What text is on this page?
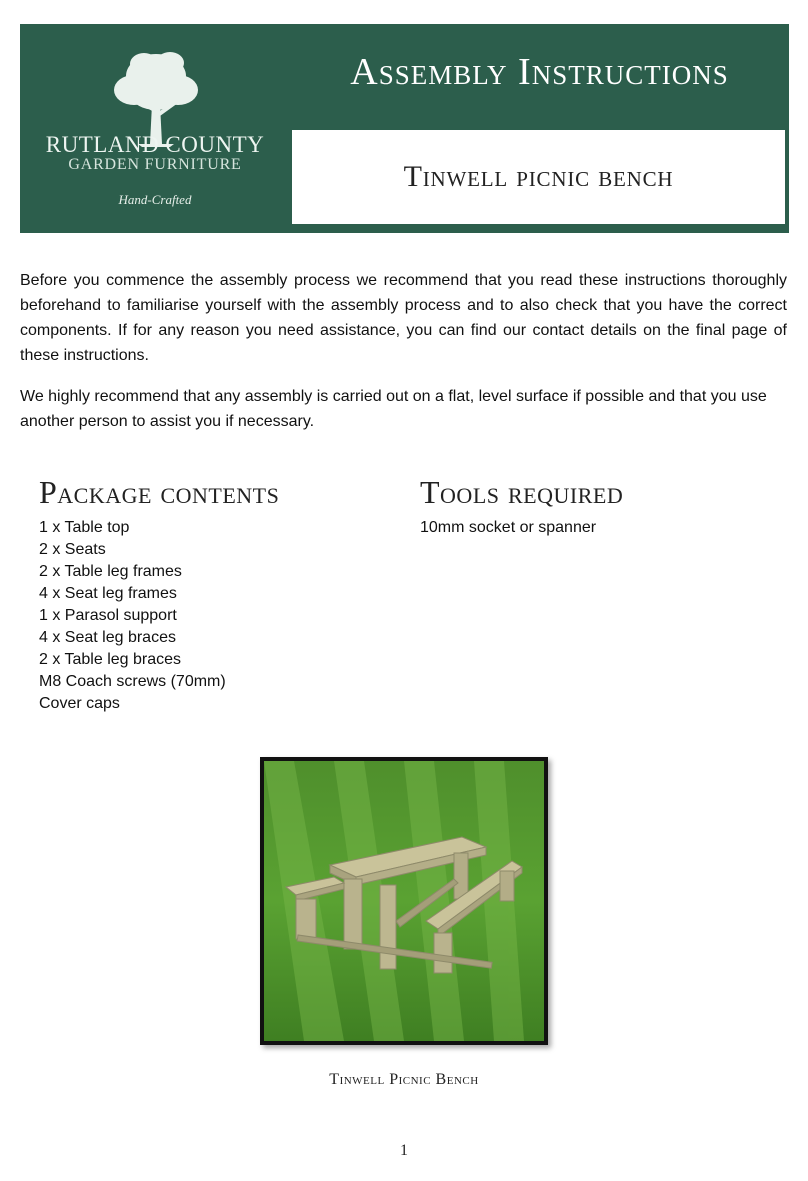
RUTLAND COUNTY
GARDEN FURNITURE
Hand-Crafted
Assembly Instructions
Tinwell picnic bench

Before you commence the assembly process we recommend that you read these instructions thoroughly beforehand to familiarise yourself with the assembly process and to also check that you have the correct components. If for any reason you need assistance, you can find our contact details on the final page of these instructions.

We highly recommend that any assembly is carried out on a flat, level surface if possible and that you use another person to assist you if necessary.

Package contents
1 x Table top
2 x Seats
2 x Table leg frames
4 x Seat leg frames
1 x Parasol support
4 x Seat leg braces
2 x Table leg braces
M8 Coach screws (70mm)
Cover caps
Tools required
10mm socket or spanner
Tinwell Picnic Bench
1
